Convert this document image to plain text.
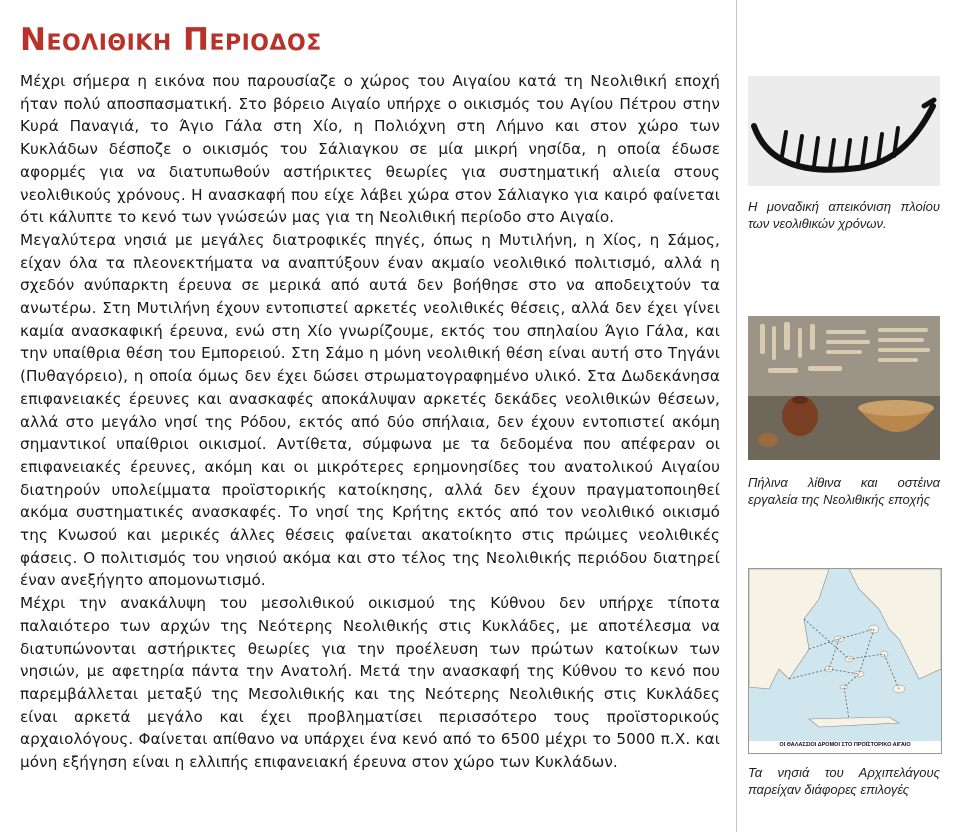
Νεολιθικη Περιοδος

Μέχρι σήμερα η εικόνα που παρουσίαζε ο χώρος του Αιγαίου κατά τη Νεολιθική εποχή ήταν πολύ αποσπασματική. Στο βόρειο Αιγαίο υπήρχε ο οικισμός του Αγίου Πέτρου στην Κυρά Παναγιά, το Άγιο Γάλα στη Χίο, η Πολιόχνη στη Λήμνο και στον χώρο των Κυκλάδων δέσποζε ο οικισμός του Σάλιαγκου σε μία μικρή νησίδα, η οποία έδωσε αφορμές για να διατυπωθούν αστήρικτες θεωρίες για συστηματική αλιεία στους νεολιθικούς χρόνους. Η ανασκαφή που είχε λάβει χώρα στον Σάλιαγκο για καιρό φαίνεται ότι κάλυπτε το κενό των γνώσεών μας για τη Νεολιθική περίοδο στο Αιγαίο.

Μεγαλύτερα νησιά με μεγάλες διατροφικές πηγές, όπως η Μυτιλήνη, η Χίος, η Σάμος, είχαν όλα τα πλεονεκτήματα να αναπτύξουν έναν ακμαίο νεολιθικό πολιτισμό, αλλά η σχεδόν ανύπαρκτη έρευνα σε μερικά από αυτά δεν βοήθησε στο να αποδειχτούν τα ανωτέρω. Στη Μυτιλήνη έχουν εντοπιστεί αρκετές νεολιθικές θέσεις, αλλά δεν έχει γίνει καμία ανασκαφική έρευνα, ενώ στη Χίο γνωρίζουμε, εκτός του σπηλαίου Άγιο Γάλα, και την υπαίθρια θέση του Εμπορειού. Στη Σάμο η μόνη νεολιθική θέση είναι αυτή στο Τηγάνι (Πυθαγόρειο), η οποία όμως δεν έχει δώσει στρωματογραφημένο υλικό. Στα Δωδεκάνησα επιφανειακές έρευνες και ανασκαφές αποκάλυψαν αρκετές δεκάδες νεολιθικών θέσεων, αλλά στο μεγάλο νησί της Ρόδου, εκτός από δύο σπήλαια, δεν έχουν εντοπιστεί ακόμη σημαντικοί υπαίθριοι οικισμοί. Αντίθετα, σύμφωνα με τα δεδομένα που απέφεραν οι επιφανειακές έρευνες, ακόμη και οι μικρότερες ερημονησίδες του ανατολικού Αιγαίου διατηρούν υπολείμματα προϊστορικής κατοίκησης, αλλά δεν έχουν πραγματοποιηθεί ακόμα συστηματικές ανασκαφές. Το νησί της Κρήτης εκτός από τον νεολιθικό οικισμό της Κνωσού και μερικές άλλες θέσεις φαίνεται ακατοίκητο στις πρώιμες νεολιθικές φάσεις. Ο πολιτισμός του νησιού ακόμα και στο τέλος της Νεολιθικής περιόδου διατηρεί έναν ανεξήγητο απομονωτισμό.

Μέχρι την ανακάλυψη του μεσολιθικού οικισμού της Κύθνου δεν υπήρχε τίποτα παλαιότερο των αρχών της Νεότερης Νεολιθικής στις Κυκλάδες, με αποτέλεσμα να διατυπώνονται αστήρικτες θεωρίες για την προέλευση των πρώτων κατοίκων των νησιών, με αφετηρία πάντα την Ανατολή. Μετά την ανασκαφή της Κύθνου το κενό που παρεμβάλλεται μεταξύ της Μεσολιθικής και της Νεότερης Νεολιθικής στις Κυκλάδες είναι αρκετά μεγάλο και έχει προβληματίσει περισσότερο τους προϊστορικούς αρχαιολόγους. Φαίνεται απίθανο να υπάρχει ένα κενό από το 6500 μέχρι το 5000 π.Χ. και μόνη εξήγηση είναι η ελλιπής επιφανειακή έρευνα στον χώρο των Κυκλάδων.

Η μοναδική απεικόνιση πλοίου των νεολιθικών χρόνων.
Πήλινα λίθινα και οστέινα εργαλεία της Νεολιθικής εποχής
ΟΙ ΘΑΛΑΣΣΙΟΙ ΔΡΟΜΟΙ ΣΤΟ ΠΡΟΪΣΤΟΡΙΚΟ ΑΙΓΑΙΟ
Τα νησιά του Αρχιπελάγους παρείχαν διάφορες επιλογές
